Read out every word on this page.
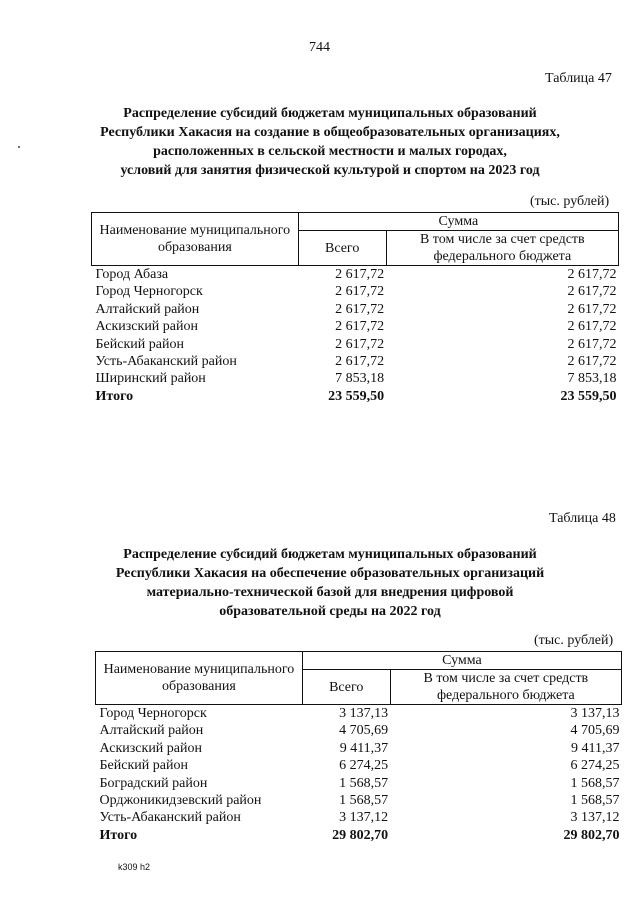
744
Таблица 47
Распределение субсидий бюджетам муниципальных образований
Республики Хакасия на создание в общеобразовательных организациях,
расположенных в сельской местности и малых городах,
условий для занятия физической культурой и спортом на 2023 год
(тыс. рублей)
Наименование муниципального образования	Сумма	
	Всего	В том числе за счет средств федерального бюджета
Город Абаза	2 617,72	2 617,72
Город Черногорск	2 617,72	2 617,72
Алтайский район	2 617,72	2 617,72
Аскизский район	2 617,72	2 617,72
Бейский район	2 617,72	2 617,72
Усть-Абаканский район	2 617,72	2 617,72
Ширинский район	7 853,18	7 853,18
Итого	23 559,50	23 559,50
Таблица 48
Распределение субсидий бюджетам муниципальных образований
Республики Хакасия на обеспечение образовательных организаций
материально-технической базой для внедрения цифровой
образовательной среды на 2022 год
(тыс. рублей)
Наименование муниципального образования	Сумма	
	Всего	В том числе за счет средств федерального бюджета
Город Черногорск	3 137,13	3 137,13
Алтайский район	4 705,69	4 705,69
Аскизский район	9 411,37	9 411,37
Бейский район	6 274,25	6 274,25
Боградский район	1 568,57	1 568,57
Орджоникидзевский район	1 568,57	1 568,57
Усть-Абаканский район	3 137,12	3 137,12
Итого	29 802,70	29 802,70
k309 h2
